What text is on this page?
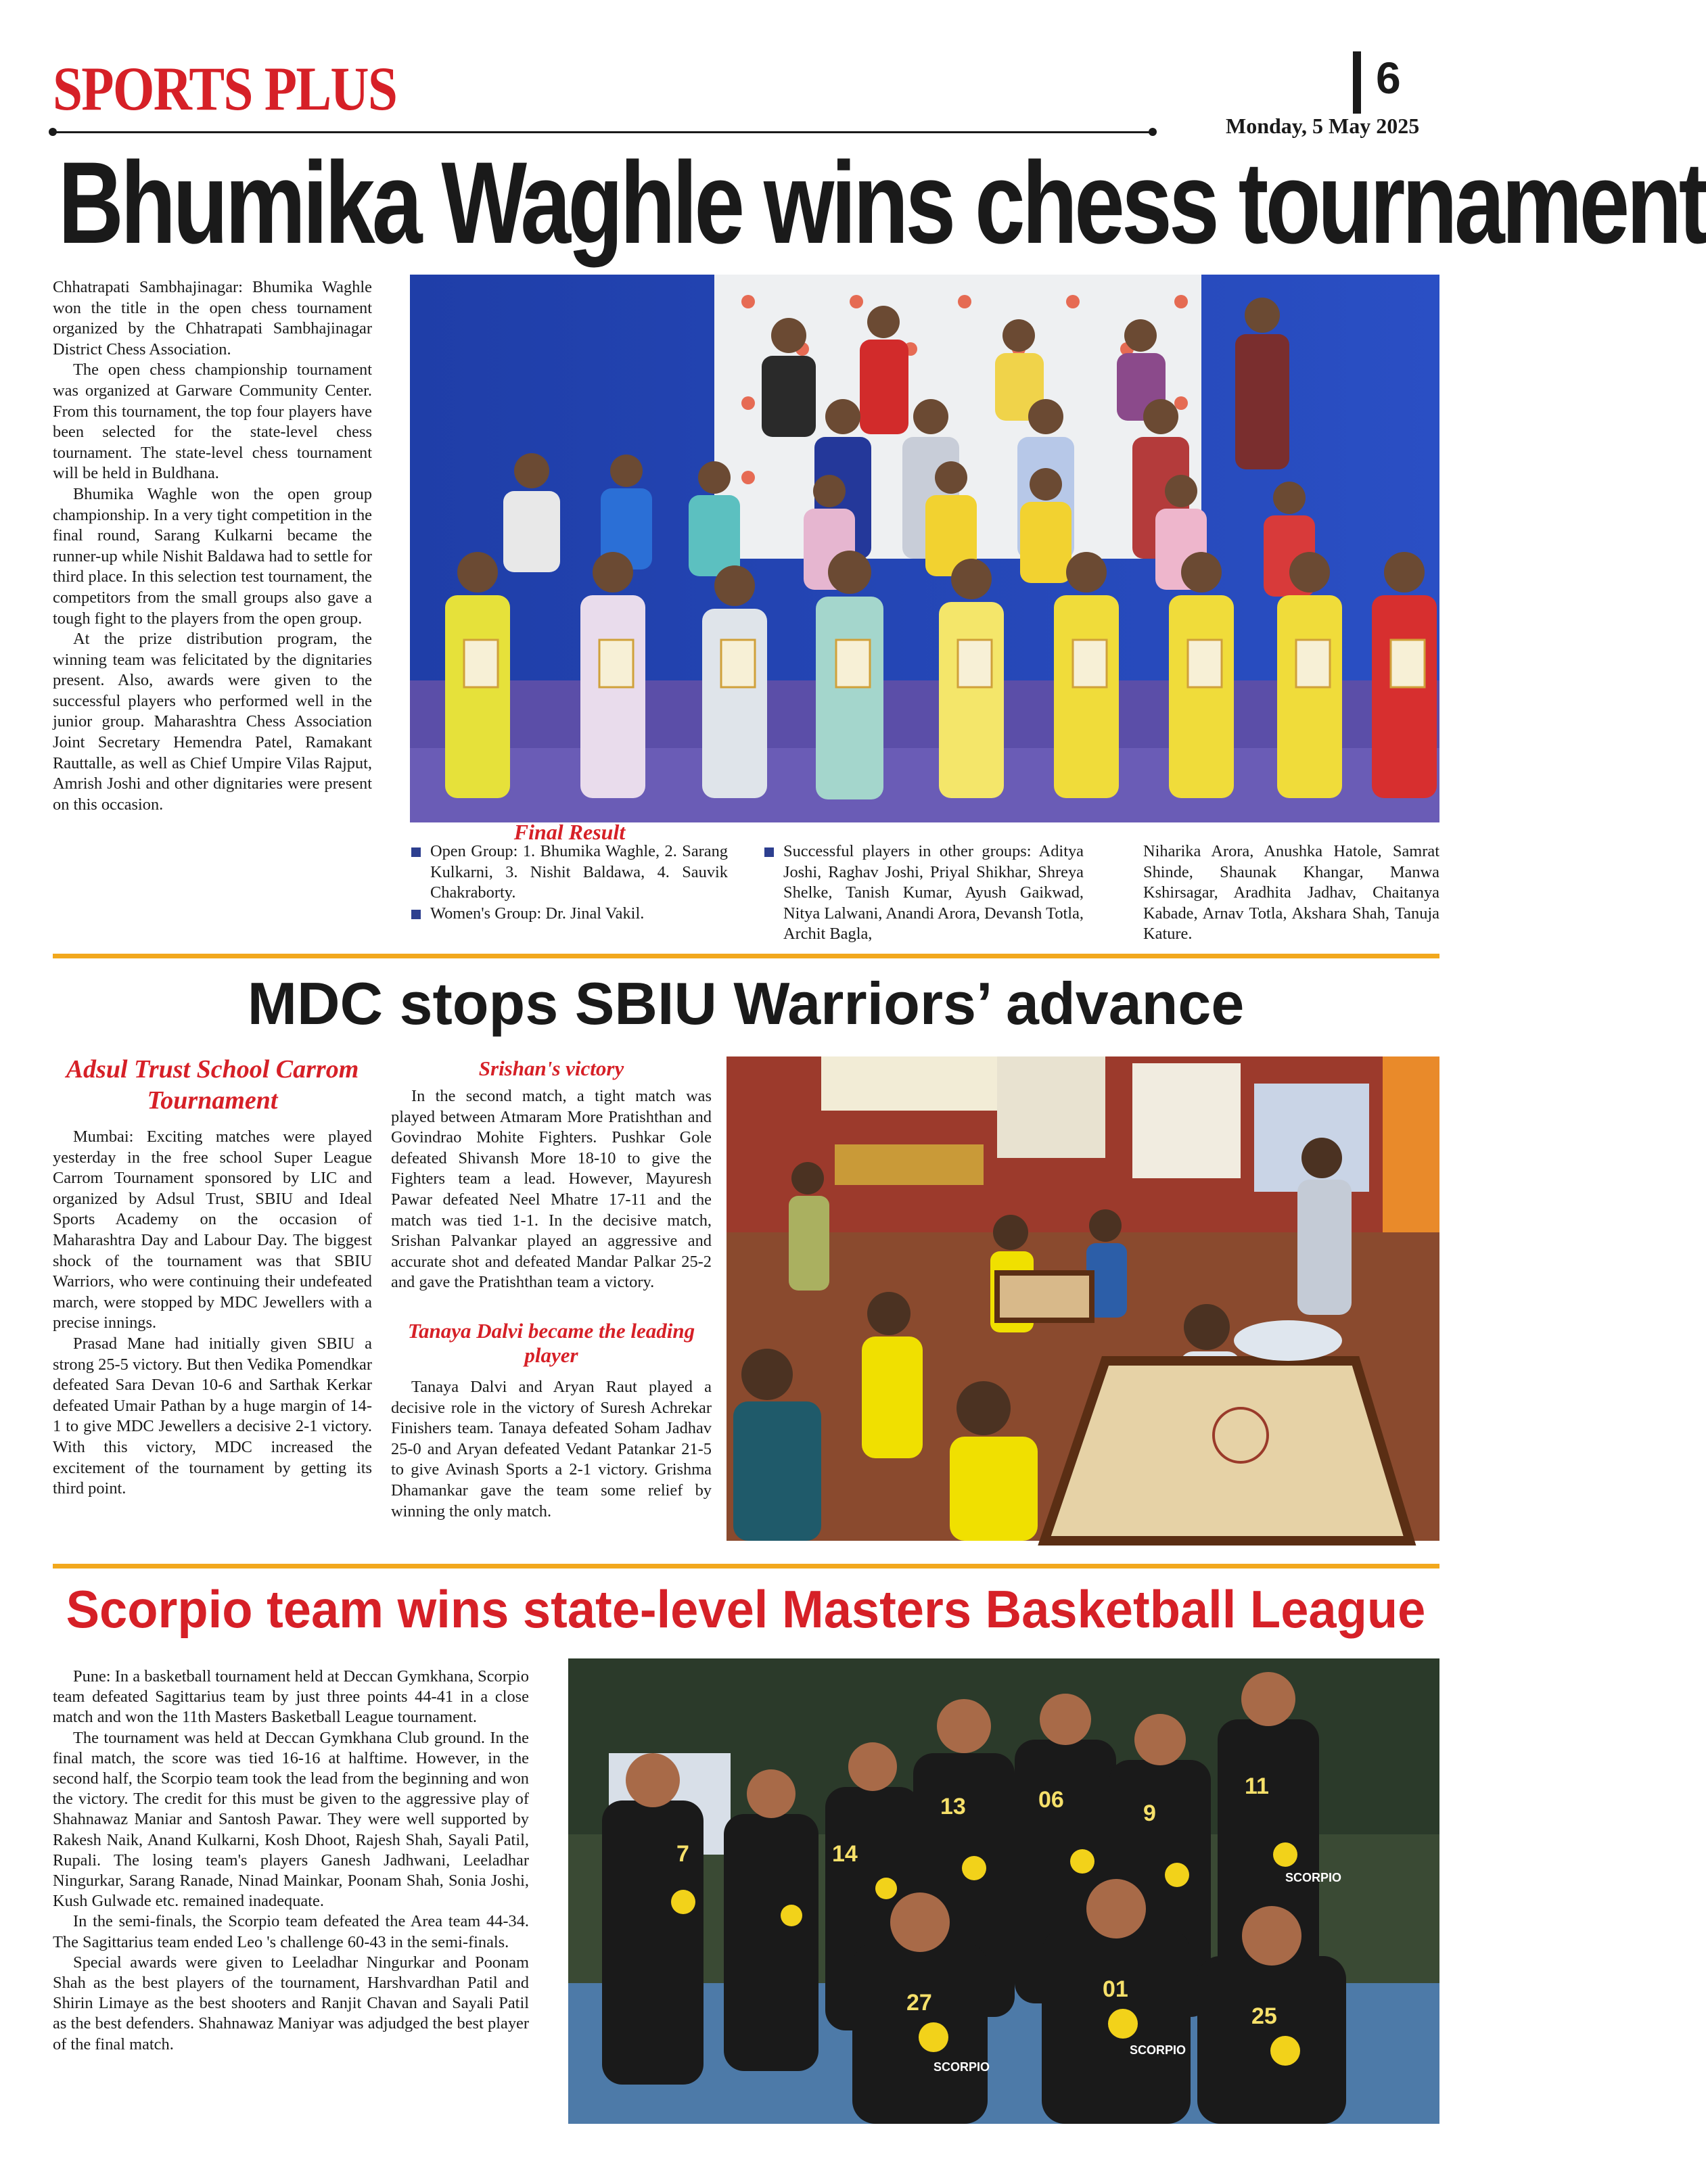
SPORTS PLUS	6
Monday, 5 May 2025
Bhumika Waghle wins chess tournament

Chhatrapati Sambhajinagar: Bhumika Waghle won the title in the open chess tournament organized by the Chhatrapati Sambhajinagar District Chess Association.

The open chess championship tournament was organized at Garware Community Center. From this tournament, the top four players have been selected for the state-level chess tournament. The state-level chess tournament will be held in Buldhana.

Bhumika Waghle won the open group championship. In a very tight competition in the final round, Sarang Kulkarni became the runner-up while Nishit Baldawa had to settle for third place. In this selection test tournament, the competitors from the small groups also gave a tough fight to the players from the open group.

At the prize distribution program, the winning team was felicitated by the dignitaries present. Also, awards were given to the successful players who performed well in the junior group. Maharashtra Chess Association Joint Secretary Hemendra Patel, Ramakant Rauttalle, as well as Chief Umpire Vilas Rajput, Amrish Joshi and other dignitaries were present on this occasion.

Final Result
Open Group: 1. Bhumika Waghle, 2. Sarang Kulkarni, 3. Nishit Baldawa, 4. Sauvik Chakraborty.
Women's Group: Dr. Jinal Vakil.
Successful players in other groups: Aditya Joshi, Raghav Joshi, Priyal Shikhar, Shreya Shelke, Tanish Kumar, Ayush Gaikwad, Nitya Lalwani, Anandi Arora, Devansh Totla, Archit Bagla,
Niharika Arora, Anushka Hatole, Samrat Shinde, Shaunak Khangar, Manwa Kshirsagar, Aradhita Jadhav, Chaitanya Kabade, Arnav Totla, Akshara Shah, Tanuja Kature.
MDC stops SBIU Warriors’ advance
Adsul Trust School Carrom Tournament

Mumbai: Exciting matches were played yesterday in the free school Super League Carrom Tournament sponsored by LIC and organized by Adsul Trust, SBIU and Ideal Sports Academy on the occasion of Maharashtra Day and Labour Day. The biggest shock of the tournament was that SBIU Warriors, who were continuing their undefeated march, were stopped by MDC Jewellers with a precise innings.

Prasad Mane had initially given SBIU a strong 25-5 victory. But then Vedika Pomendkar defeated Sara Devan 10-6 and Sarthak Kerkar defeated Umair Pathan by a huge margin of 14-1 to give MDC Jewellers a decisive 2-1 victory. With this victory, MDC increased the excitement of the tournament by getting its third point.

Srishan's victory

In the second match, a tight match was played between Atmaram More Pratishthan and Govindrao Mohite Fighters. Pushkar Gole defeated Shivansh More 18-10 to give the Fighters team a lead. However, Mayuresh Pawar defeated Neel Mhatre 17-11 and the match was tied 1-1. In the decisive match, Srishan Palvankar played an aggressive and accurate shot and defeated Mandar Palkar 25-2 and gave the Pratishthan team a victory.

Tanaya Dalvi became the leading player

Tanaya Dalvi and Aryan Raut played a decisive role in the victory of Suresh Achrekar Finishers team. Tanaya defeated Soham Jadhav 25-0 and Aryan defeated Vedant Patankar 21-5 to give Avinash Sports a 2-1 victory. Grishma Dhamankar gave the team some relief by winning the only match.

Scorpio team wins state-level Masters Basketball League

Pune: In a basketball tournament held at Deccan Gymkhana, Scorpio team defeated Sagittarius team by just three points 44-41 in a close match and won the 11th Masters Basketball League tournament.

The tournament was held at Deccan Gymkhana Club ground. In the final match, the score was tied 16-16 at halftime. However, in the second half, the Scorpio team took the lead from the beginning and won the victory. The credit for this must be given to the aggressive play of Shahnawaz Maniar and Santosh Pawar. They were well supported by Rakesh Naik, Anand Kulkarni, Kosh Dhoot, Rajesh Shah, Sayali Patil, Rupali. The losing team's players Ganesh Jadhwani, Leeladhar Ningurkar, Sarang Ranade, Ninad Mainkar, Poonam Shah, Sonia Joshi, Kush Gulwade etc. remained inadequate.

In the semi-finals, the Scorpio team defeated the Area team 44-34. The Sagittarius team ended Leo 's challenge 60-43 in the semi-finals.

Special awards were given to Leeladhar Ningurkar and Poonam Shah as the best players of the tournament, Harshvardhan Patil and Shirin Limaye as the best shooters and Ranjit Chavan and Sayali Patil as the best defenders. Shahnawaz Maniyar was adjudged the best player of the final match.

7	14
13	06
9
11
27
01
25
SCORPIO
SCORPIO
SCORPIO
